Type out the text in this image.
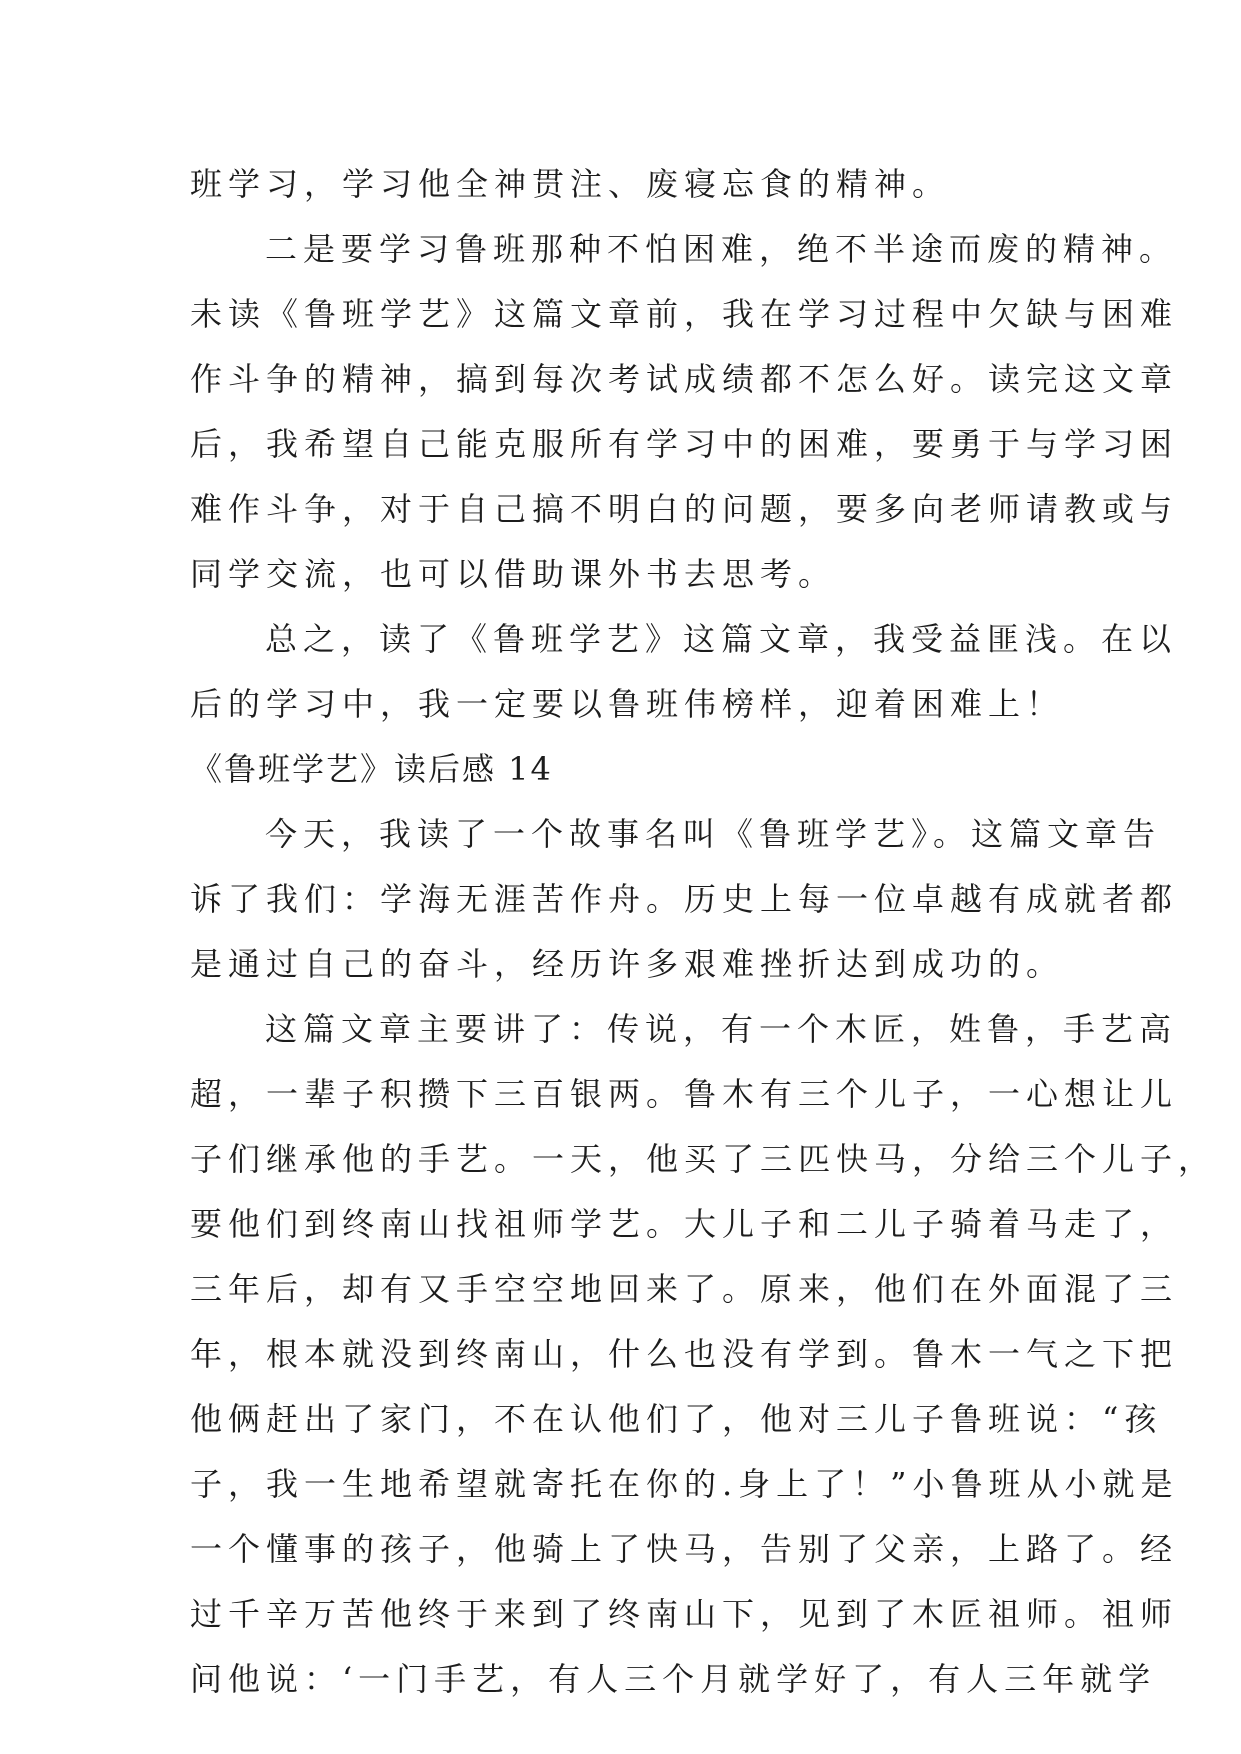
班学习，学习他全神贯注、废寝忘食的精神。
二是要学习鲁班那种不怕困难，绝不半途而废的精神。
未读《鲁班学艺》这篇文章前，我在学习过程中欠缺与困难
作斗争的精神，搞到每次考试成绩都不怎么好。读完这文章
后，我希望自己能克服所有学习中的困难，要勇于与学习困
难作斗争，对于自己搞不明白的问题，要多向老师请教或与
同学交流，也可以借助课外书去思考。
总之，读了《鲁班学艺》这篇文章，我受益匪浅。在以
后的学习中，我一定要以鲁班伟榜样，迎着困难上！
《鲁班学艺》读后感 14
今天，我读了一个故事名叫《鲁班学艺》。这篇文章告
诉了我们：学海无涯苦作舟。历史上每一位卓越有成就者都
是通过自己的奋斗，经历许多艰难挫折达到成功的。
这篇文章主要讲了：传说，有一个木匠，姓鲁，手艺高
超，一辈子积攒下三百银两。鲁木有三个儿子，一心想让儿
子们继承他的手艺。一天，他买了三匹快马，分给三个儿子，
要他们到终南山找祖师学艺。大儿子和二儿子骑着马走了，
三年后，却有又手空空地回来了。原来，他们在外面混了三
年，根本就没到终南山，什么也没有学到。鲁木一气之下把
他俩赶出了家门，不在认他们了，他对三儿子鲁班说：“孩
子，我一生地希望就寄托在你的.身上了！”小鲁班从小就是
一个懂事的孩子，他骑上了快马，告别了父亲，上路了。经
过千辛万苦他终于来到了终南山下，见到了木匠祖师。祖师
问他说：‘一门手艺，有人三个月就学好了，有人三年就学
